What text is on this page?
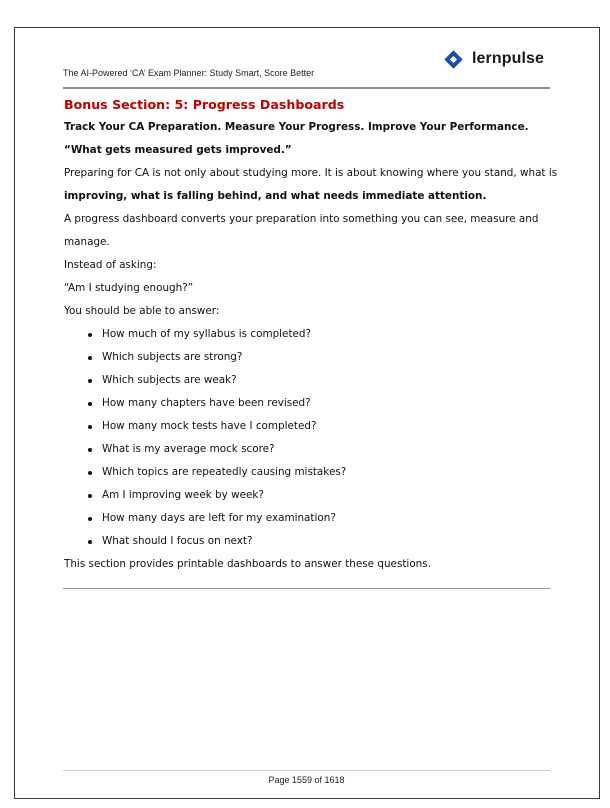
lernpulse
The AI-Powered ‘CA’ Exam Planner: Study Smart, Score Better
Bonus Section: 5: Progress Dashboards
Track Your CA Preparation. Measure Your Progress. Improve Your Performance.
“What gets measured gets improved.”
Preparing for CA is not only about studying more. It is about knowing where you stand, what is
improving, what is falling behind, and what needs immediate attention.
A progress dashboard converts your preparation into something you can see, measure and
manage.
Instead of asking:
“Am I studying enough?”
You should be able to answer:
How much of my syllabus is completed?
Which subjects are strong?
Which subjects are weak?
How many chapters have been revised?
How many mock tests have I completed?
What is my average mock score?
Which topics are repeatedly causing mistakes?
Am I improving week by week?
How many days are left for my examination?
What should I focus on next?
This section provides printable dashboards to answer these questions.
Page 1559 of 1618
